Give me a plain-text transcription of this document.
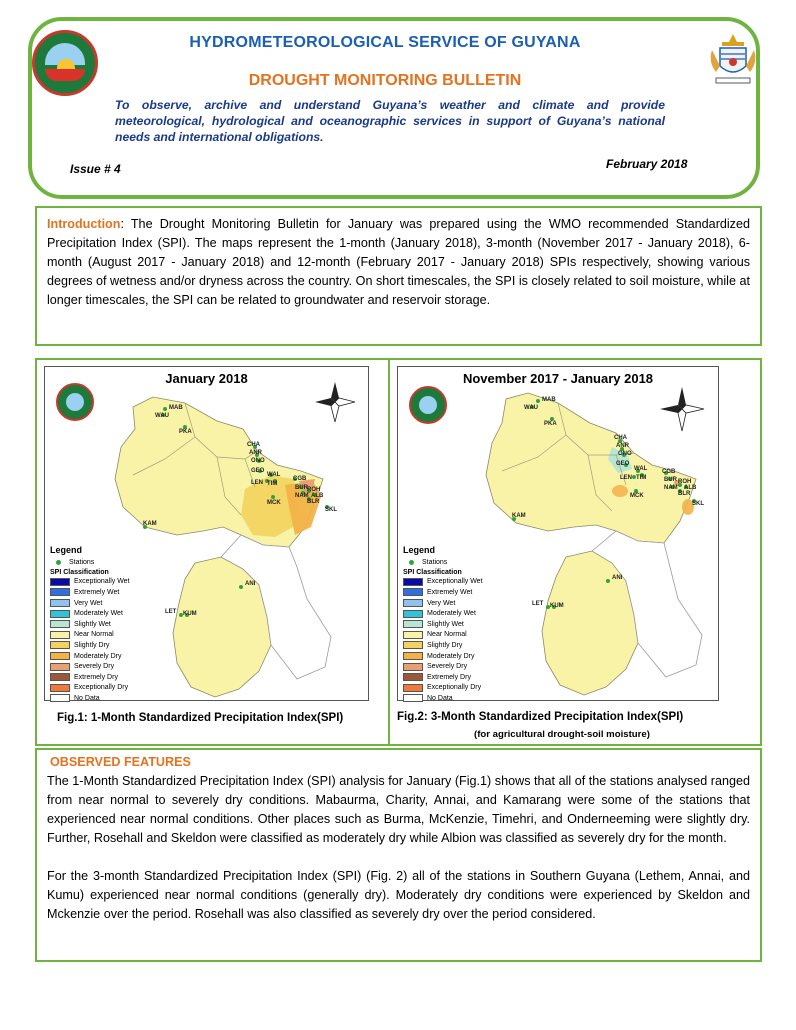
HYDROMETEOROLOGICAL SERVICE OF GUYANA
DROUGHT MONITORING BULLETIN
To observe, archive and understand Guyana’s weather and climate and provide meteorological, hydrological and oceanographic services in support of Guyana’s national needs and international obligations.
Issue # 4	February 2018
Introduction: The Drought Monitoring Bulletin for January was prepared using the WMO recommended Standardized Precipitation Index (SPI). The maps represent the 1-month (January 2018), 3-month (November 2017 - January 2018), 6-month (August 2017 - January 2018) and 12-month (February 2017 - January 2018) SPIs respectively, showing various degrees of wetness and/or dryness across the country. On short timescales, the SPI is closely related to soil moisture, while at longer timescales, the SPI can be related to groundwater and reservoir storage.
MAB
WAU
PKA
CHA
ANR
ONO
GEO
WAL
LEN TIM
CGB
BUR ROH
NAM ALB
BLR
MCK
SKL
KAM
ANI
LET KUM
January 2018
Legend
Stations
SPI Classification
Exceptionally Wet
Extremely Wet
Very Wet
Moderately Wet
Slightly Wet
Near Normal
Slightly Dry
Moderately Dry
Severely Dry
Extremely Dry
Exceptionally Dry
No Data
MAB
WAU
PKA
CHA
ANR
ONO
GEO
WAL
LEN TIM
CGB
BUR ROH
NAM ALB
BLR
MCK
SKL
KAM
ANI
LET KUM
November 2017 - January 2018
Legend
Stations
SPI Classification
Exceptionally Wet
Extremely Wet
Very Wet
Moderately Wet
Slightly Wet
Near Normal
Slightly Dry
Moderately Dry
Severely Dry
Extremely Dry
Exceptionally Dry
No Data
Fig.1: 1-Month Standardized Precipitation Index(SPI)	Fig.2: 3-Month Standardized Precipitation Index(SPI)
(for agricultural drought-soil moisture)
OBSERVED FEATURES

The 1-Month Standardized Precipitation Index (SPI) analysis for January (Fig.1) shows that all of the stations analysed ranged from near normal to severely dry conditions. Mabaurma, Charity, Annai, and Kamarang were some of the stations that experienced near normal conditions. Other places such as Burma, McKenzie, Timehri, and Onderneeming were slightly dry. Further, Rosehall and Skeldon were classified as moderately dry while Albion was classified as severely dry for the month.

For the 3-month Standardized Precipitation Index (SPI) (Fig. 2) all of the stations in Southern Guyana (Lethem, Annai, and Kumu) experienced near normal conditions (generally dry). Moderately dry conditions were experienced by Skeldon and Mckenzie over the period. Rosehall was also classified as severely dry over the period considered.
